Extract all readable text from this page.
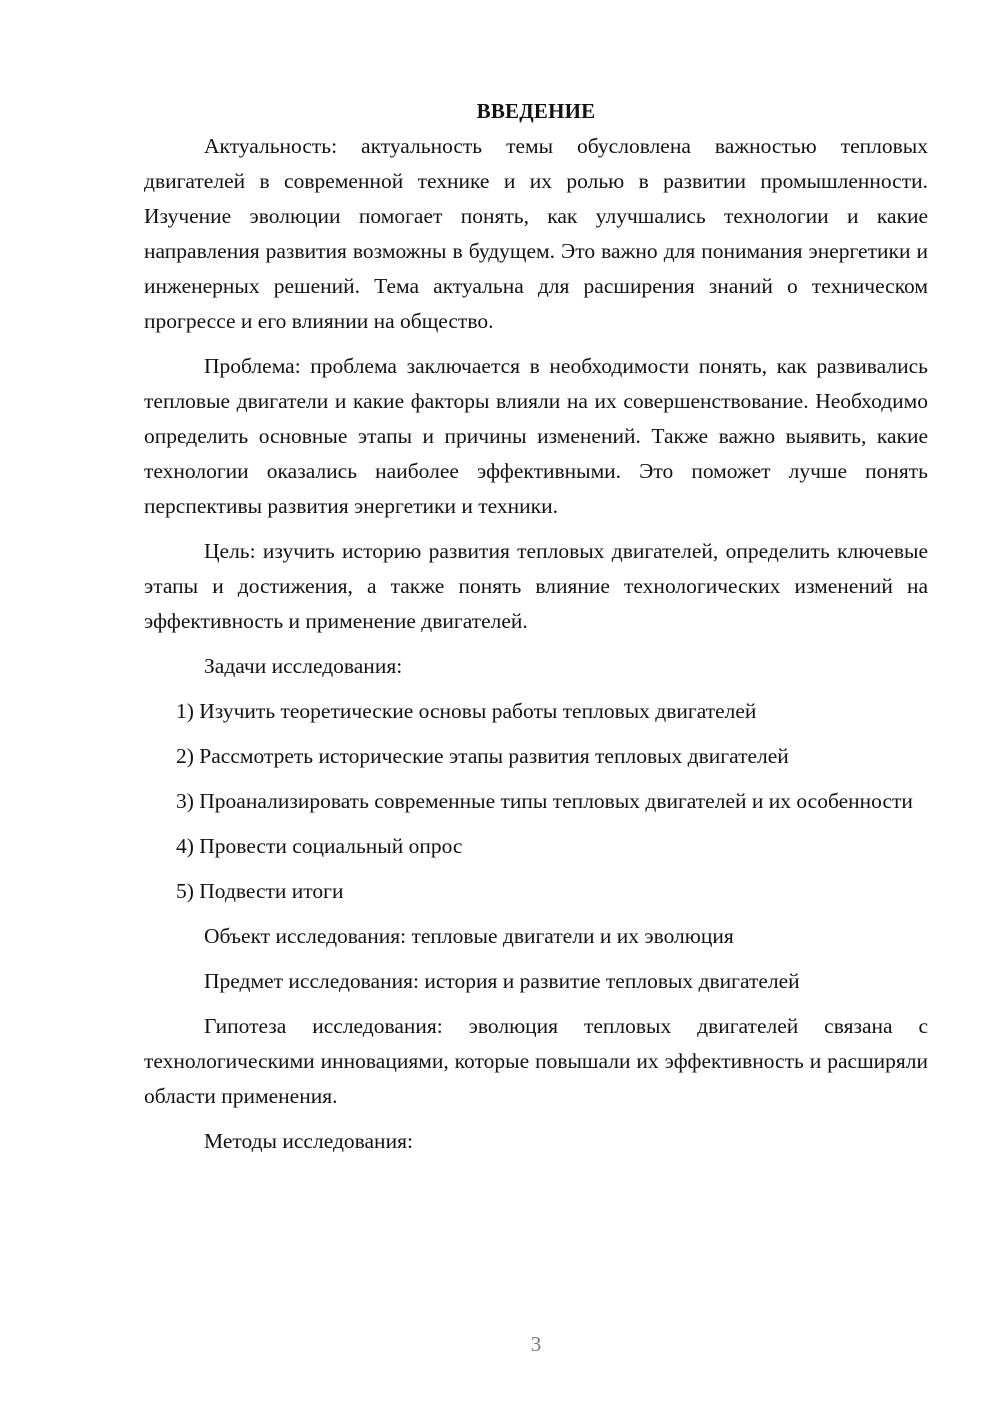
ВВЕДЕНИЕ

Актуальность: актуальность темы обусловлена важностью тепловых двигателей в современной технике и их ролью в развитии промышленности. Изучение эволюции помогает понять, как улучшались технологии и какие направления развития возможны в будущем. Это важно для понимания энергетики и инженерных решений. Тема актуальна для расширения знаний о техническом прогрессе и его влиянии на общество.

Проблема: проблема заключается в необходимости понять, как развивались тепловые двигатели и какие факторы влияли на их совершенствование. Необходимо определить основные этапы и причины изменений. Также важно выявить, какие технологии оказались наиболее эффективными. Это поможет лучше понять перспективы развития энергетики и техники.

Цель: изучить историю развития тепловых двигателей, определить ключевые этапы и достижения, а также понять влияние технологических изменений на эффективность и применение двигателей.

Задачи исследования:

1) Изучить теоретические основы работы тепловых двигателей

2) Рассмотреть исторические этапы развития тепловых двигателей

3) Проанализировать современные типы тепловых двигателей и их особенности

4) Провести социальный опрос

5) Подвести итоги

Объект исследования: тепловые двигатели и их эволюция

Предмет исследования: история и развитие тепловых двигателей

Гипотеза исследования: эволюция тепловых двигателей связана с технологическими инновациями, которые повышали их эффективность и расширяли области применения.

Методы исследования:

3
